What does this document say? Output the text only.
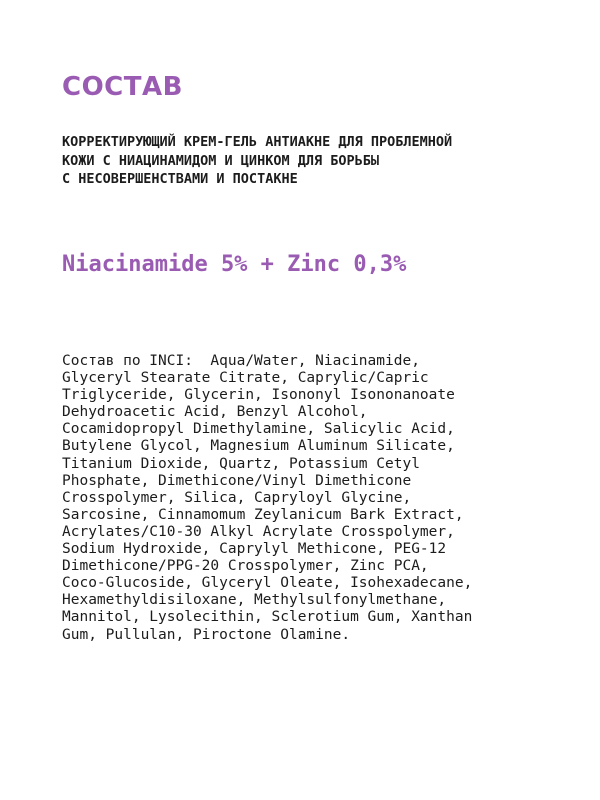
СОСТАВ
КОРРЕКТИРУЮЩИЙ КРЕМ-ГЕЛЬ АНТИАКНЕ ДЛЯ ПРОБЛЕМНОЙ
КОЖИ С НИАЦИНАМИДОМ И ЦИНКОМ ДЛЯ БОРЬБЫ
С НЕСОВЕРШЕНСТВАМИ И ПОСТАКНЕ
Niacinamide 5% + Zinc 0,3%
Состав по INCI:  Aqua/Water, Niacinamide,
Glyceryl Stearate Citrate, Caprylic/Capric
Triglyceride, Glycerin, Isononyl Isononanoate
Dehydroacetic Acid, Benzyl Alcohol,
Cocamidopropyl Dimethylamine, Salicylic Acid,
Butylene Glycol, Magnesium Aluminum Silicate,
Titanium Dioxide, Quartz, Potassium Cetyl
Phosphate, Dimethicone/Vinyl Dimethicone
Crosspolymer, Silica, Capryloyl Glycine,
Sarcosine, Cinnamomum Zeylanicum Bark Extract,
Acrylates/C10-30 Alkyl Acrylate Crosspolymer,
Sodium Hydroxide, Caprylyl Methicone, PEG-12
Dimethicone/PPG-20 Crosspolymer, Zinc PCA,
Coco-Glucoside, Glyceryl Oleate, Isohexadecane,
Hexamethyldisiloxane, Methylsulfonylmethane,
Mannitol, Lysolecithin, Sclerotium Gum, Xanthan
Gum, Pullulan, Piroctone Olamine.
